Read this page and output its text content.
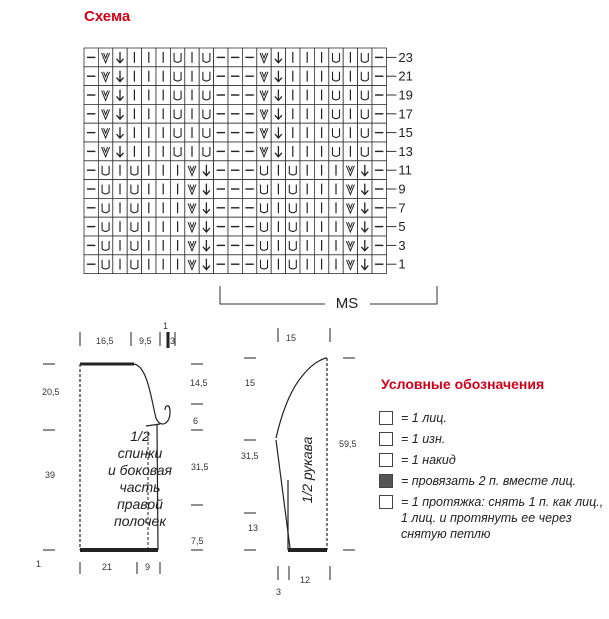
Схема
23
21
19
17
15
13
11
9
7
5
3
1
MS
16,5	9,5
1
3
20,5
14,5
6
39
31,5
7,5
1	21	9
15
15
31,5
59,5
13
3
12
1/2 рукава
1/2
спинки
и боковая
часть
правой
полочек
Условные обозначения
= 1 лиц.
= 1 изн.
= 1 накид
= провязать 2 п. вместе лиц.
= 1 протяжка: снять 1 п. как лиц., 1 лиц. и протянуть ее через снятую петлю
